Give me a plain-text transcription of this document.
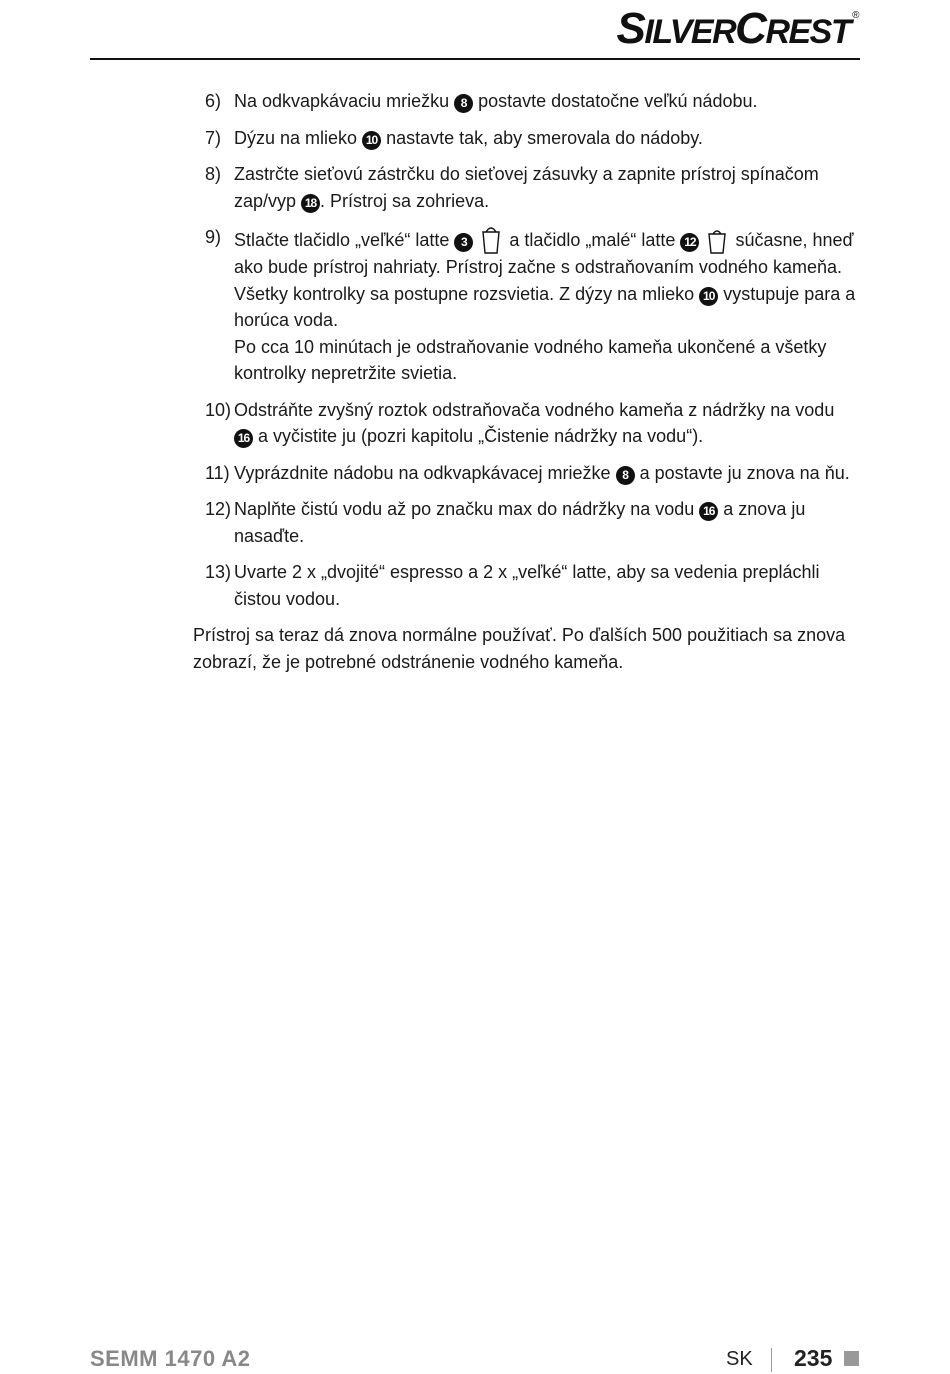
SILVERCREST ®
6) Na odkvapkávaciu mriežku 8 postavte dostatočne veľkú nádobu.
7) Dýzu na mlieko 10 nastavte tak, aby smerovala do nádoby.
8) Zastrčte sieťovú zástrčku do sieťovej zásuvky a zapnite prístroj spínačom zap/vyp 18 . Prístroj sa zohrieva.
9) Stlačte tlačidlo „veľké“ latte 3  a tlačidlo „malé“ latte 12  súčasne, hneď ako bude prístroj nahriaty. Prístroj začne s odstraňovaním vodného kameňa. Všetky kontrolky sa postupne rozsvietia. Z dýzy na mlieko 10 vystupuje para a horúca voda.
Po cca 10 minútach je odstraňovanie vodného kameňa ukončené a všetky kontrolky nepretržite svietia.
10) Odstráňte zvyšný roztok odstraňovača vodného kameňa z nádržky na vodu 16 a vyčistite ju (pozri kapitolu „Čistenie nádržky na vodu“).
11) Vyprázdnite nádobu na odkvapkávacej mriežke 8 a postavte ju znova na ňu.
12) Naplňte čistú vodu až po značku max do nádržky na vodu 16 a znova ju nasaďte.
13) Uvarte 2 x „dvojité“ espresso a 2 x „veľké“ latte, aby sa vedenia prepláchli čistou vodou.
Prístroj sa teraz dá znova normálne používať. Po ďalších 500 použitiach sa znova zobrazí, že je potrebné odstránenie vodného kameňa.
SEMM 1470 A2	SK 235
